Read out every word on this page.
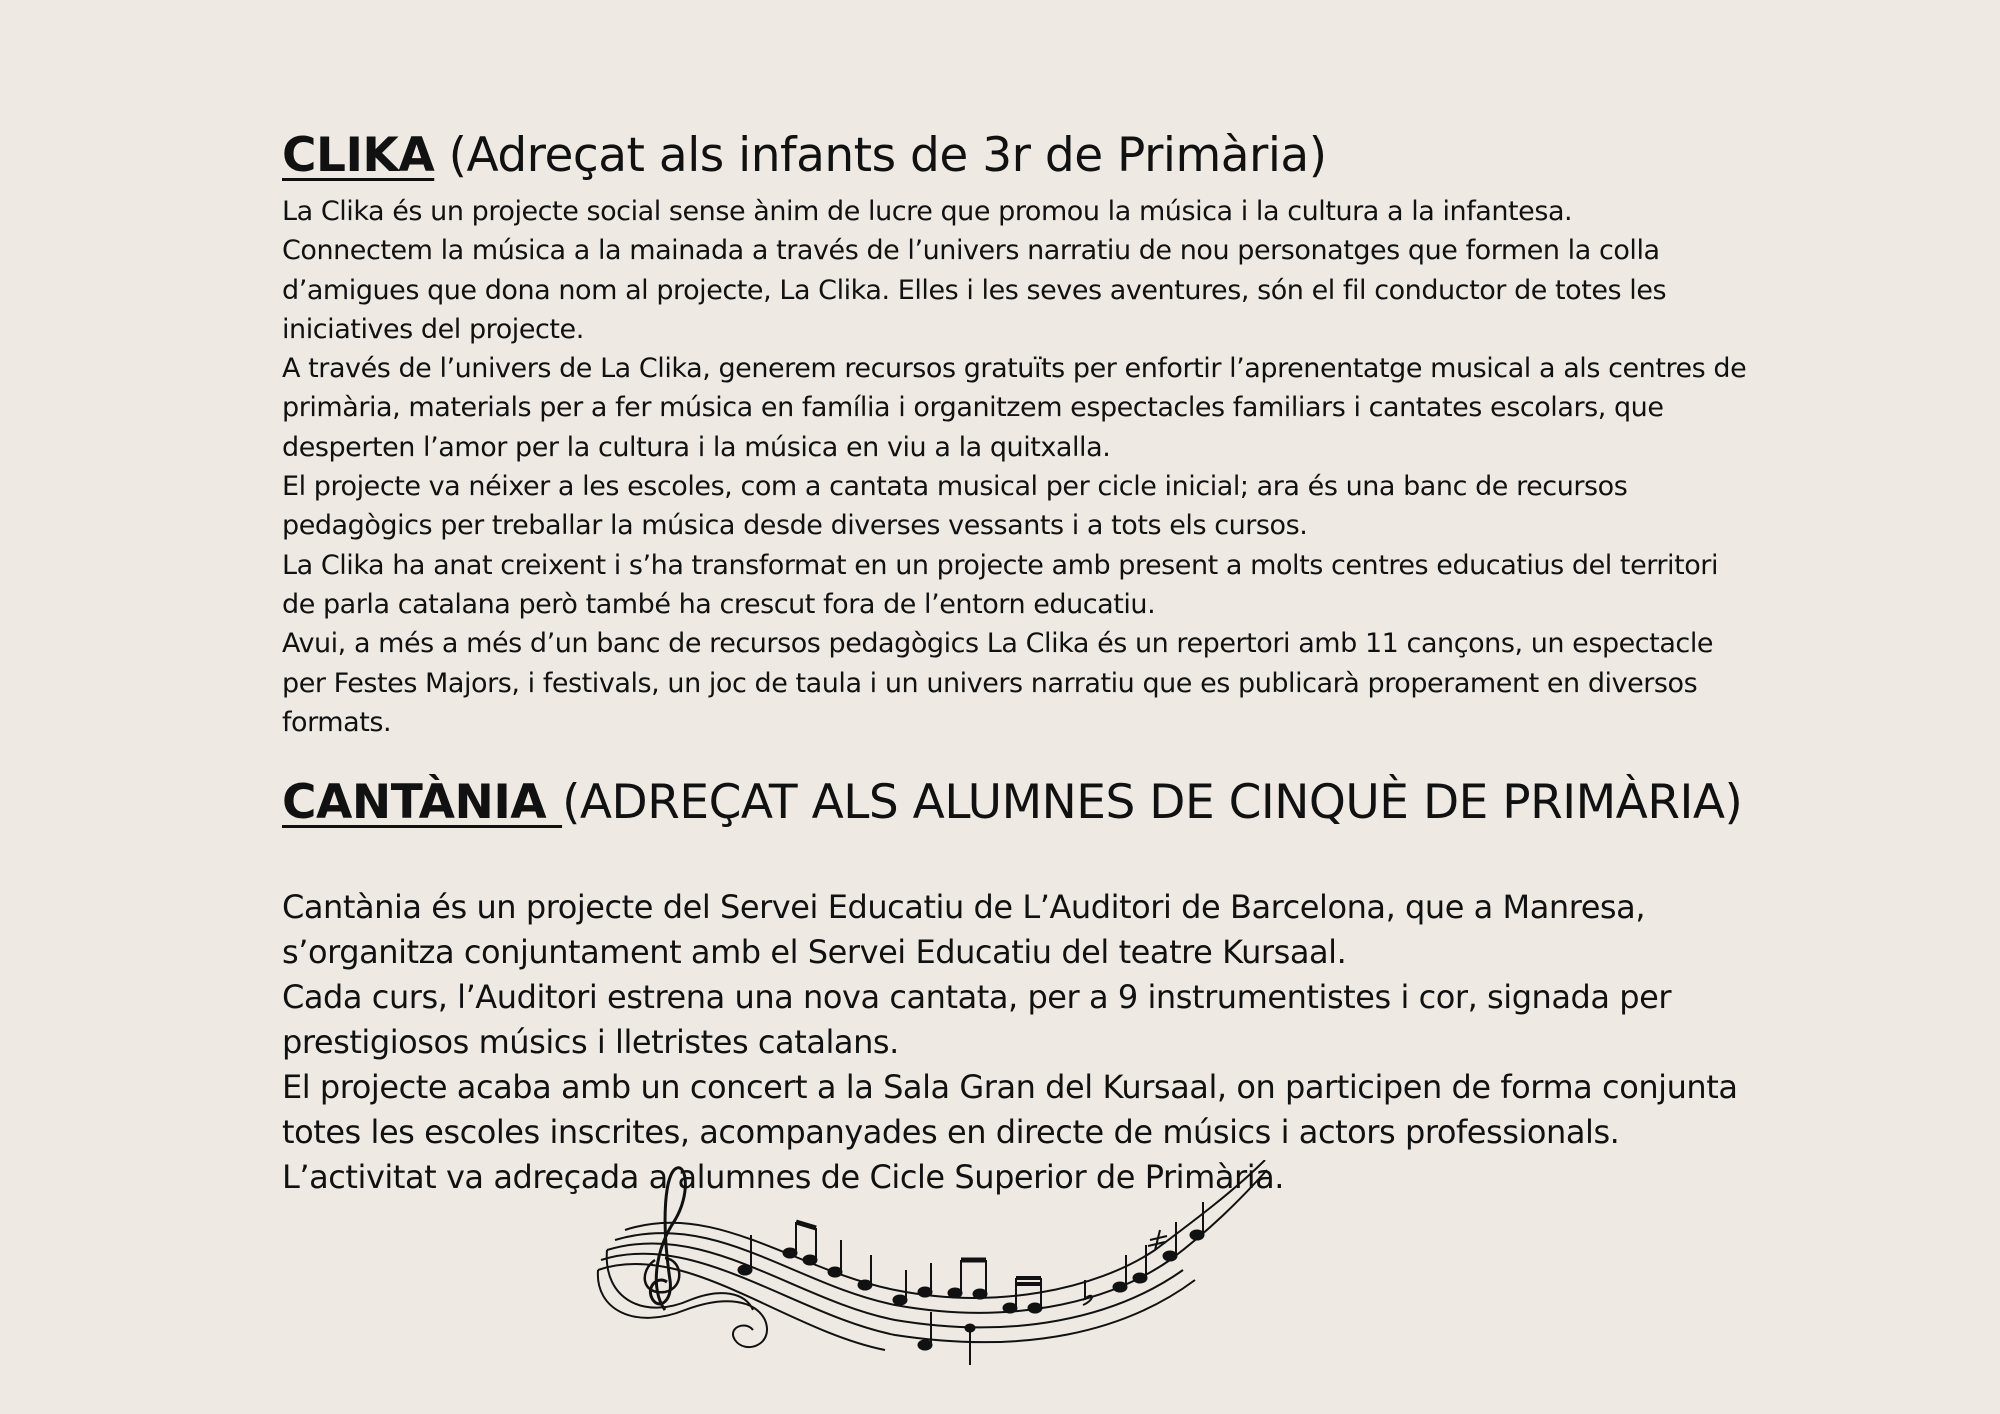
CLIKA (Adreçat als infants de 3r de Primària)

La Clika és un projecte social sense ànim de lucre que promou la música i la cultura a la infantesa.

Connectem la música a la mainada a través de l’univers narratiu de nou personatges que formen la colla d’amigues que dona nom al projecte, La Clika. Elles i les seves aventures, són el fil conductor de totes les iniciatives del projecte.

A través de l’univers de La Clika, generem recursos gratuïts per enfortir l’aprenentatge musical a als centres de primària, materials per a fer música en família i organitzem espectacles familiars i cantates escolars, que desperten l’amor per la cultura i la música en viu a la quitxalla.

El projecte va néixer a les escoles, com a cantata musical per cicle inicial; ara és una banc de recursos pedagògics per treballar la música desde diverses vessants i a tots els cursos.

La Clika ha anat creixent i s’ha transformat en un projecte amb present a molts centres educatius del territori de parla catalana però també ha crescut fora de l’entorn educatiu.

Avui, a més a més d’un banc de recursos pedagògics La Clika és un repertori amb 11 cançons, un espectacle per Festes Majors, i festivals, un joc de taula i un univers narratiu que es publicarà properament en diversos formats.

CANTÀNIA (ADREÇAT ALS ALUMNES DE CINQUÈ DE PRIMÀRIA)

Cantània és un projecte del Servei Educatiu de L’Auditori de Barcelona, que a Manresa, s’organitza conjuntament amb el Servei Educatiu del teatre Kursaal.

Cada curs, l’Auditori estrena una nova cantata, per a 9 instrumentistes i cor, signada per prestigiosos músics i lletristes catalans.

El projecte acaba amb un concert a la Sala Gran del Kursaal, on participen de forma conjunta totes les escoles inscrites, acompanyades en directe de músics i actors professionals.

L’activitat va adreçada a alumnes de Cicle Superior de Primària.
